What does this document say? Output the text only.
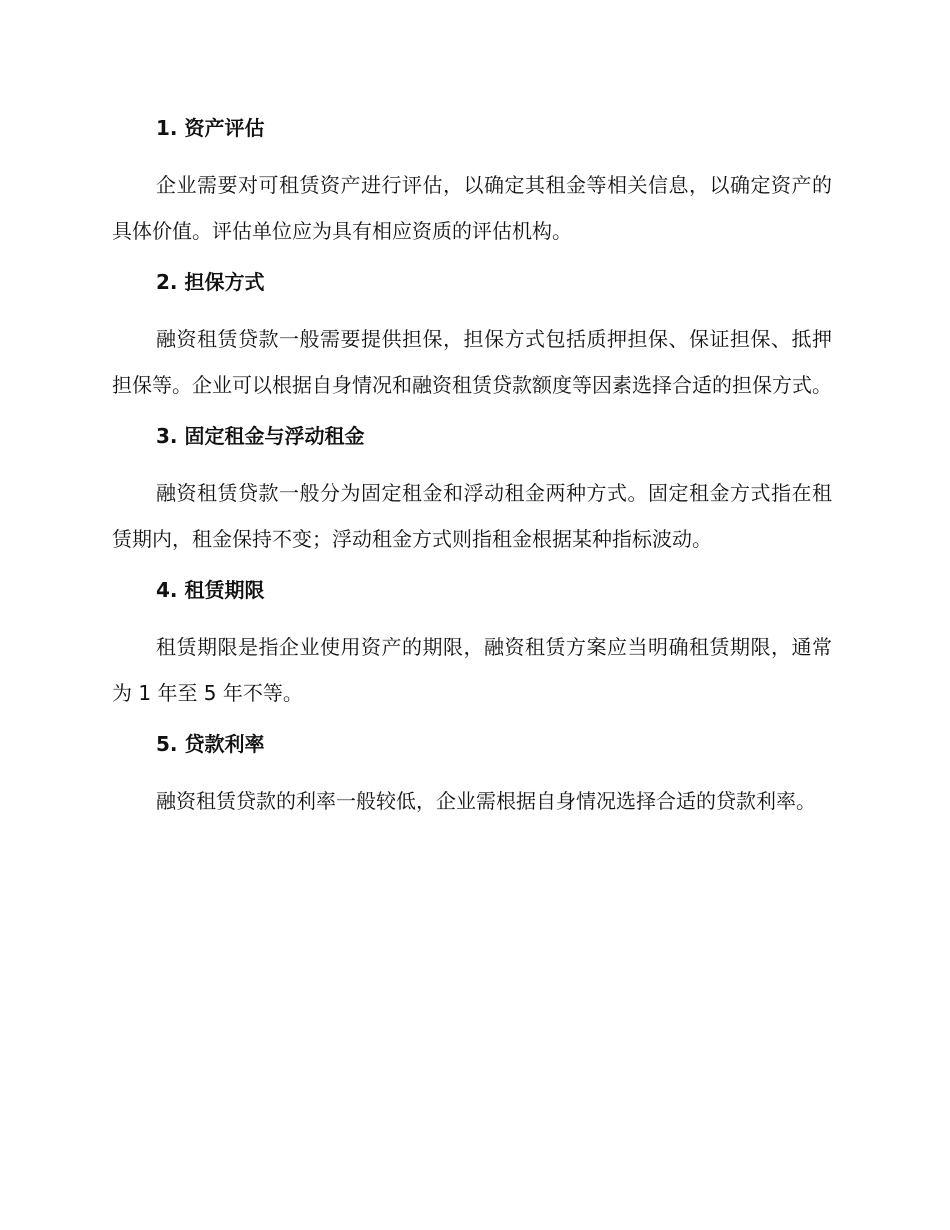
1. 资产评估

企业需要对可租赁资产进行评估，以确定其租金等相关信息，以确定资产的具体价值。评估单位应为具有相应资质的评估机构。

2. 担保方式

融资租赁贷款一般需要提供担保，担保方式包括质押担保、保证担保、抵押担保等。企业可以根据自身情况和融资租赁贷款额度等因素选择合适的担保方式。

3. 固定租金与浮动租金

融资租赁贷款一般分为固定租金和浮动租金两种方式。固定租金方式指在租赁期内，租金保持不变；浮动租金方式则指租金根据某种指标波动。

4. 租赁期限

租赁期限是指企业使用资产的期限，融资租赁方案应当明确租赁期限，通常为 1 年至 5 年不等。

5. 贷款利率

融资租赁贷款的利率一般较低，企业需根据自身情况选择合适的贷款利率。
